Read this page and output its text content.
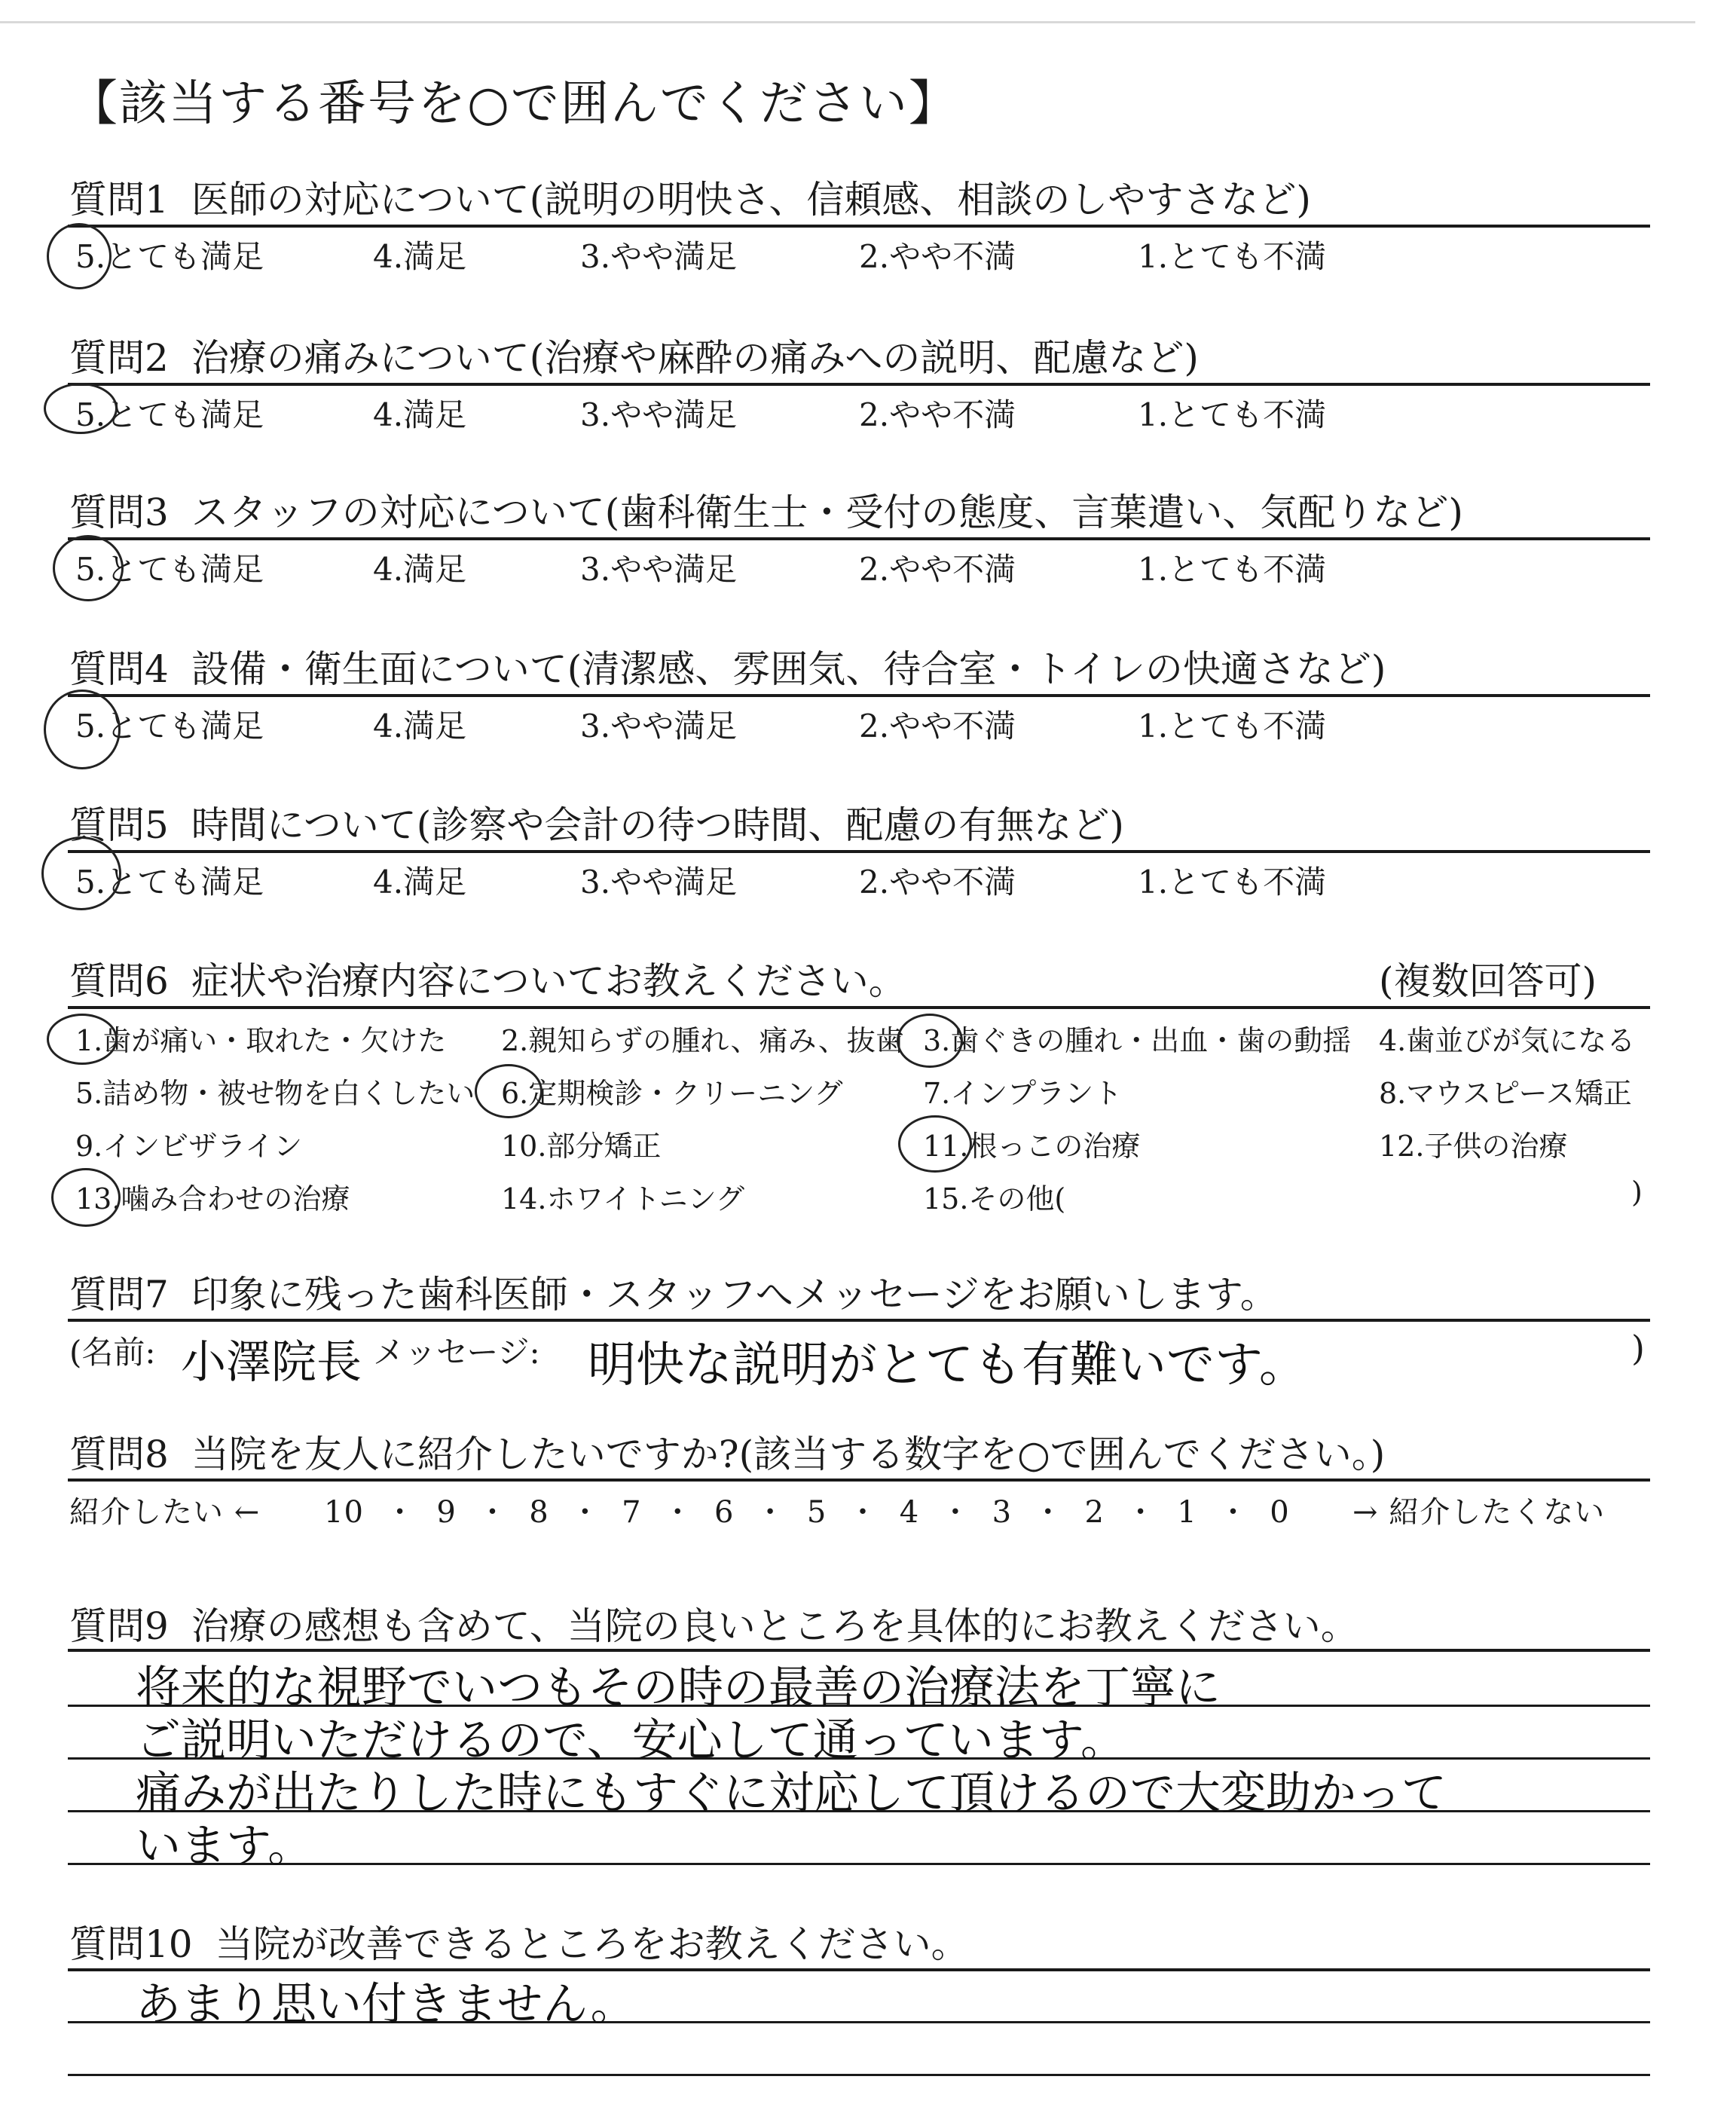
【該当する番号を○で囲んでください】
質問1 医師の対応について(説明の明快さ、信頼感、相談のしやすさなど)
5.とても満足	4.満足	3.やや満足	2.やや不満	1.とても不満
質問2 治療の痛みについて(治療や麻酔の痛みへの説明、配慮など)
5.とても満足	4.満足	3.やや満足	2.やや不満	1.とても不満
質問3 スタッフの対応について(歯科衛生士・受付の態度、言葉遣い、気配りなど)
5.とても満足	4.満足	3.やや満足	2.やや不満	1.とても不満
質問4 設備・衛生面について(清潔感、雰囲気、待合室・トイレの快適さなど)
5.とても満足	4.満足	3.やや満足	2.やや不満	1.とても不満
質問5 時間について(診察や会計の待つ時間、配慮の有無など)
5.とても満足	4.満足	3.やや満足	2.やや不満	1.とても不満
質問6 症状や治療内容についてお教えください。	(複数回答可)
1.歯が痛い・取れた・欠けた 2.親知らずの腫れ、痛み、抜歯 3.歯ぐきの腫れ・出血・歯の動揺 4.歯並びが気になる
5.詰め物・被せ物を白くしたい 6.定期検診・クリーニング	7.インプラント	8.マウスピース矯正
9.インビザライン	10.部分矯正	11.根っこの治療	12.子供の治療
13.噛み合わせの治療	14.ホワイトニング	15.その他(	)
質問7 印象に残った歯科医師・スタッフへメッセージをお願いします。
(名前: 小澤院長 メッセージ: 明快な説明がとても有難いです。	)
質問8 当院を友人に紹介したいですか?(該当する数字を○で囲んでください。)
紹介したい ← 10 ・ 9 ・ 8 ・ 7 ・ 6 ・ 5 ・ 4 ・ 3 ・ 2 ・ 1 ・ 0 → 紹介したくない
質問9 治療の感想も含めて、当院の良いところを具体的にお教えください。
将来的な視野でいつもその時の最善の治療法を丁寧に
ご説明いただけるので、安心して通っています。
痛みが出たりした時にもすぐに対応して頂けるので大変助かって
います。
質問10 当院が改善できるところをお教えください。
あまり思い付きません。
